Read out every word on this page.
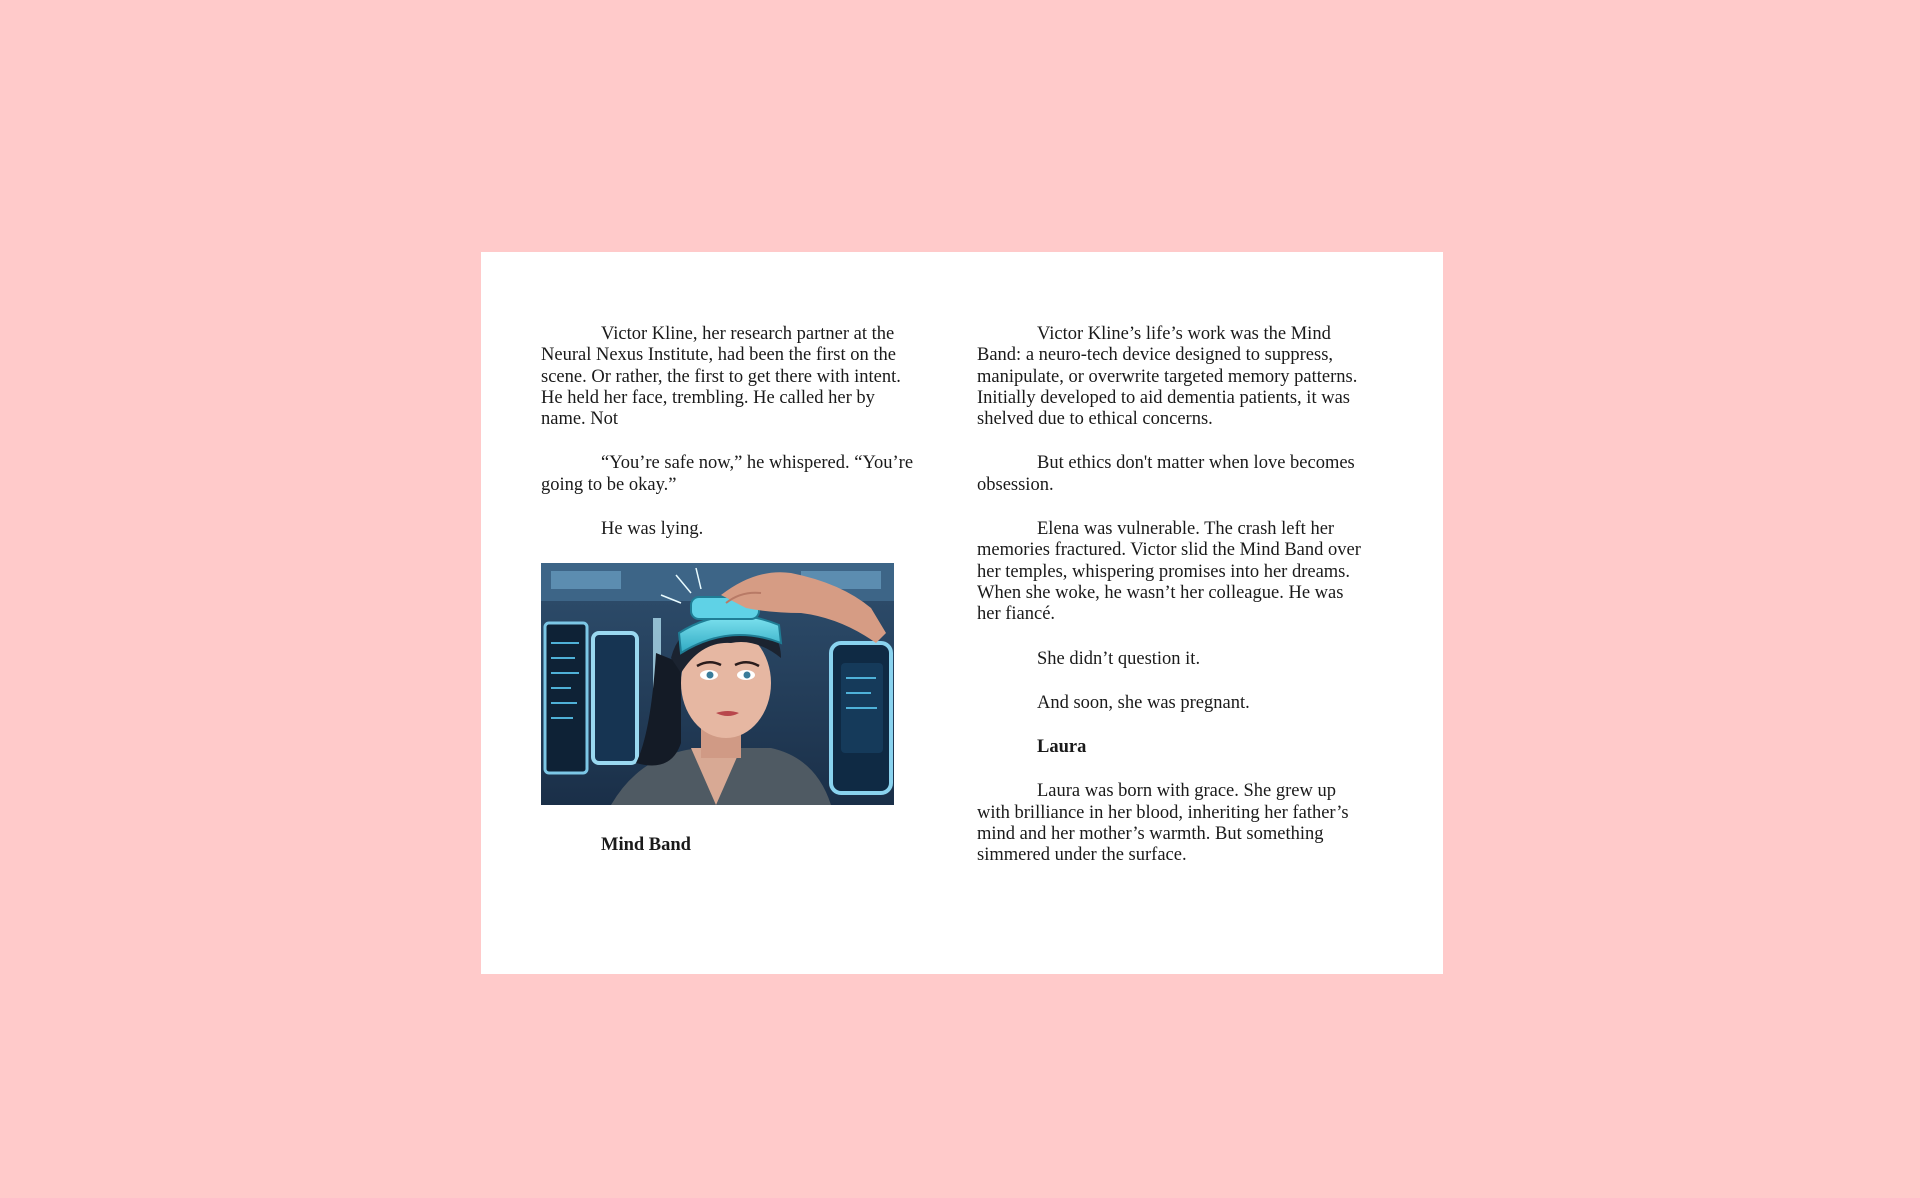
Victor Kline, her research partner at the Neural Nexus Institute, had been the first on the scene. Or rather, the first to get there with intent. He held her face, trembling. He called her by name. Not

“You’re safe now,” he whispered. “You’re going to be okay.”

He was lying.

Mind Band

Victor Kline’s life’s work was the Mind Band: a neuro-tech device designed to suppress, manipulate, or overwrite targeted memory patterns. Initially developed to aid dementia patients, it was shelved due to ethical concerns.

But ethics don't matter when love becomes obsession.

Elena was vulnerable. The crash left her memories fractured. Victor slid the Mind Band over her temples, whispering promises into her dreams. When she woke, he wasn’t her colleague. He was her fiancé.

She didn’t question it.

And soon, she was pregnant.

Laura

Laura was born with grace. She grew up with brilliance in her blood, inheriting her father’s mind and her mother’s warmth. But something simmered under the surface.
